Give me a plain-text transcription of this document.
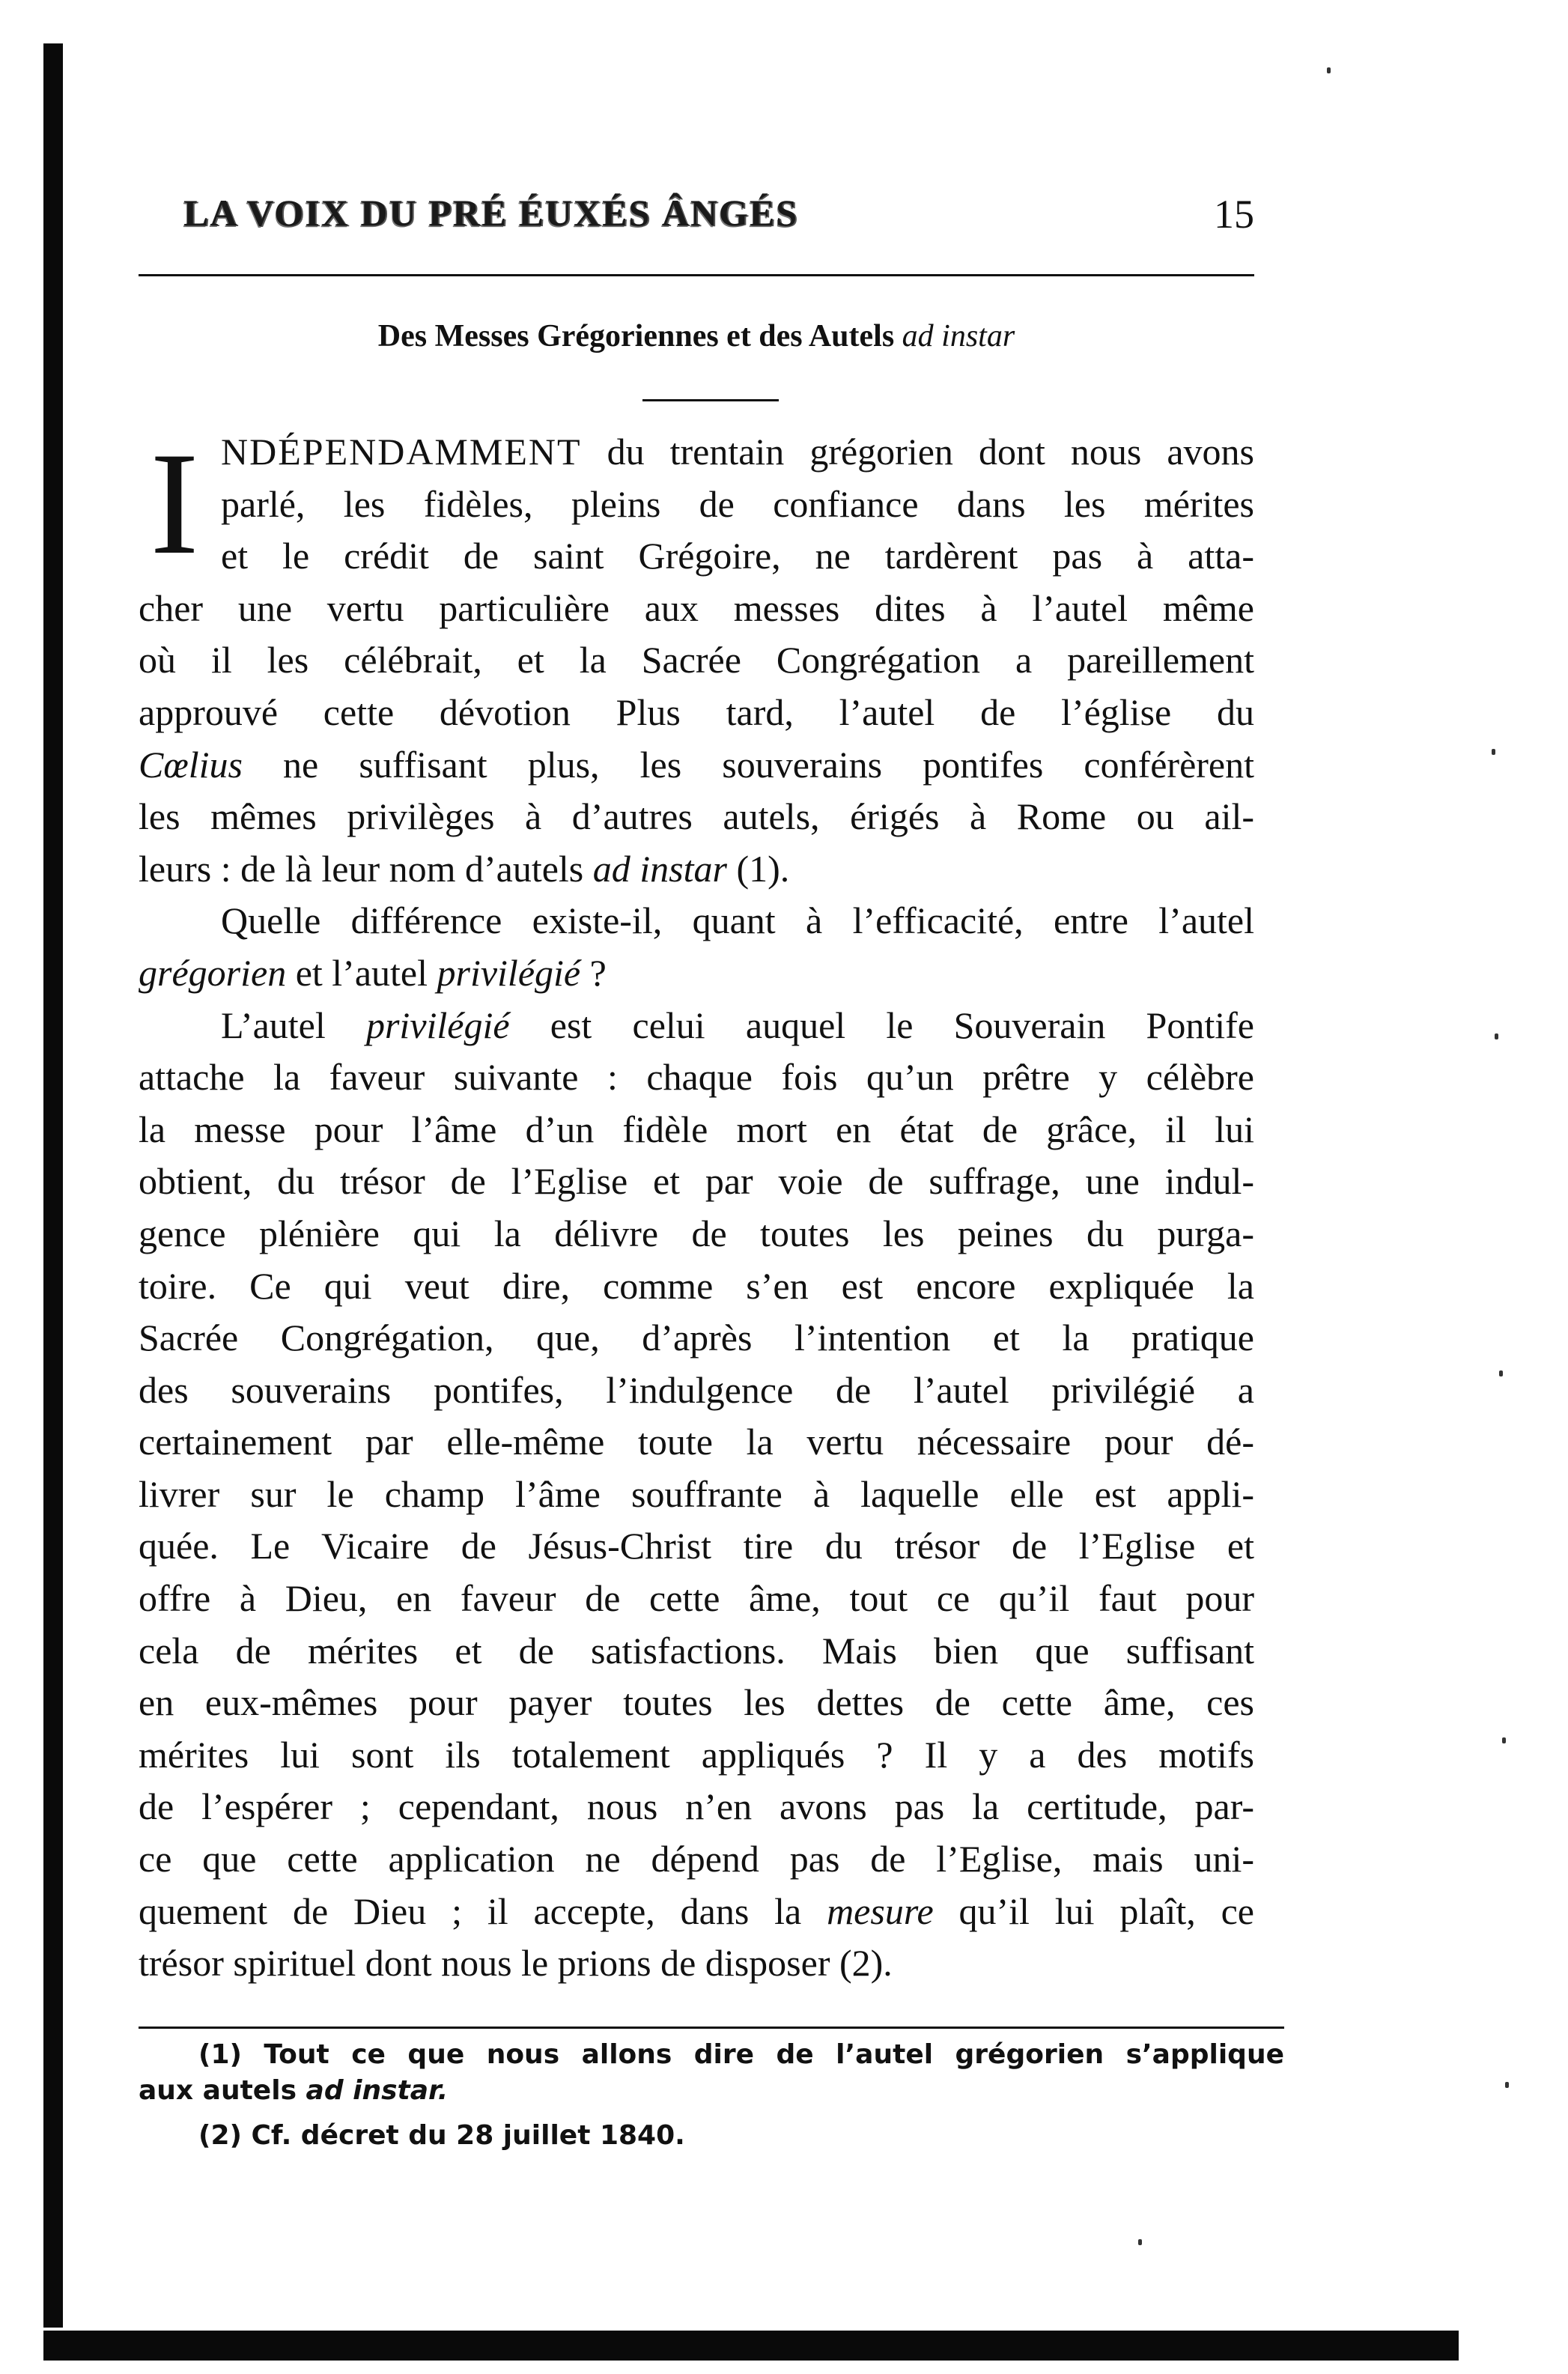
LA VOIX DU PRÉ ÉUXÉS ÂNGÉS	15
Des Messes Grégoriennes et des Autels ad instar
I NDÉPENDAMMENT du trentain grégorien dont nous avons
parlé, les fidèles, pleins de confiance dans les mérites
et le crédit de saint Grégoire, ne tardèrent pas à atta-
cher une vertu particulière aux messes dites à l’autel même
où il les célébrait, et la Sacrée Congrégation a pareillement
approuvé cette dévotion Plus tard, l’autel de l’église du
Cœlius ne suffisant plus, les souverains pontifes conférèrent
les mêmes privilèges à d’autres autels, érigés à Rome ou ail-
leurs : de là leur nom d’autels ad instar (1).
Quelle différence existe-il, quant à l’efficacité, entre l’autel
grégorien et l’autel privilégié ?
L’autel privilégié est celui auquel le Souverain Pontife
attache la faveur suivante : chaque fois qu’un prêtre y célèbre
la messe pour l’âme d’un fidèle mort en état de grâce, il lui
obtient, du trésor de l’Eglise et par voie de suffrage, une indul-
gence plénière qui la délivre de toutes les peines du purga-
toire. Ce qui veut dire, comme s’en est encore expliquée la
Sacrée Congrégation, que, d’après l’intention et la pratique
des souverains pontifes, l’indulgence de l’autel privilégié a
certainement par elle-même toute la vertu nécessaire pour dé-
livrer sur le champ l’âme souffrante à laquelle elle est appli-
quée. Le Vicaire de Jésus-Christ tire du trésor de l’Eglise et
offre à Dieu, en faveur de cette âme, tout ce qu’il faut pour
cela de mérites et de satisfactions. Mais bien que suffisant
en eux-mêmes pour payer toutes les dettes de cette âme, ces
mérites lui sont ils totalement appliqués ? Il y a des motifs
de l’espérer ; cependant, nous n’en avons pas la certitude, par-
ce que cette application ne dépend pas de l’Eglise, mais uni-
quement de Dieu ; il accepte, dans la mesure qu’il lui plaît, ce
trésor spirituel dont nous le prions de disposer (2).
(1) Tout ce que nous allons dire de l’autel grégorien s’applique
aux autels ad instar.
(2) Cf. décret du 28 juillet 1840.
